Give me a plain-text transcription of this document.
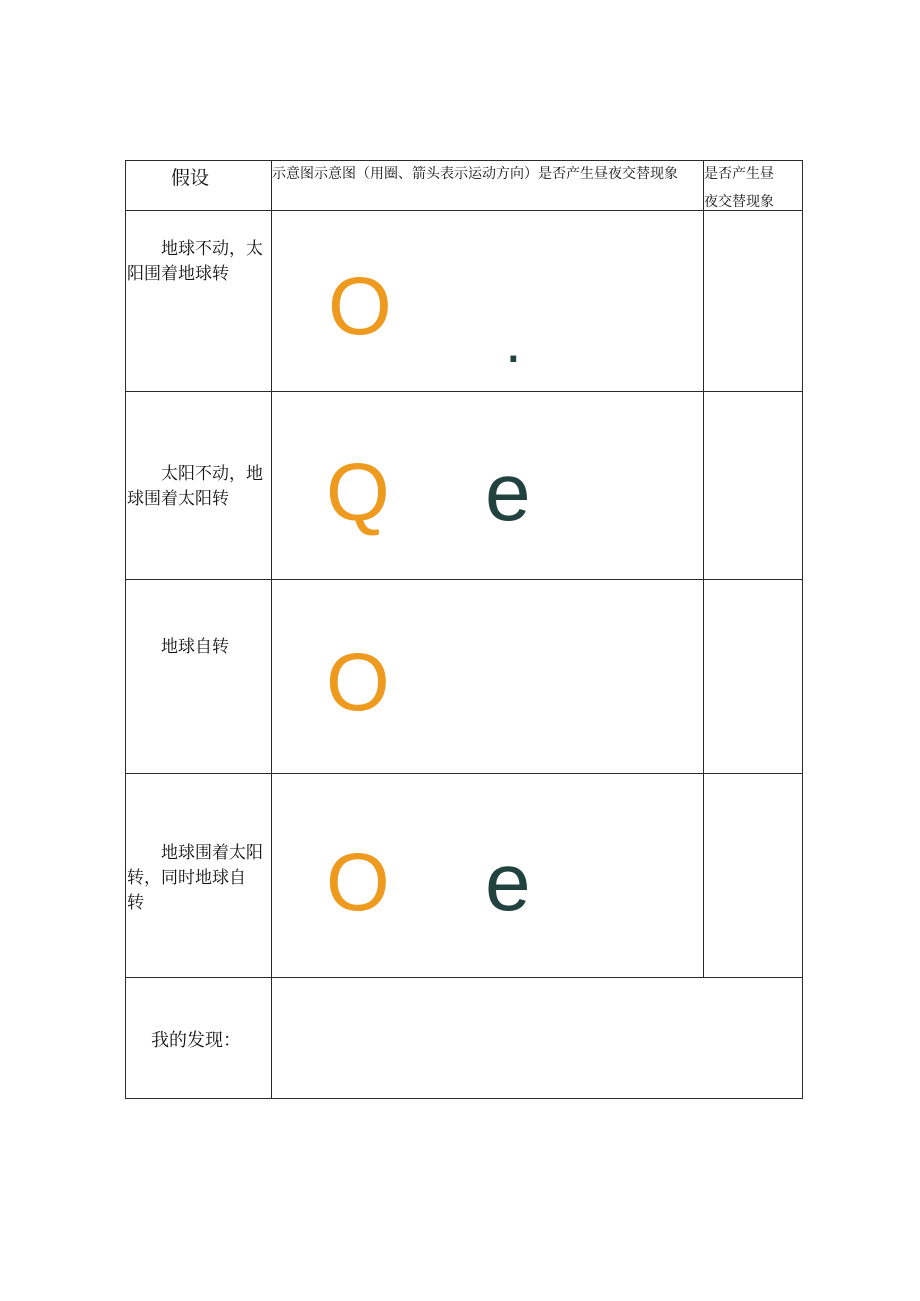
假设	示意图示意图（用圈、箭头表示运动方向）是否产生昼夜交替现象	是否产生昼
夜交替现象
　　地球不动，太
阳围着地球转	O .
　　太阳不动，地
球围着太阳转	Q e
　　地球自转	O
　　地球围着太阳
转，同时地球自
转	O e
我的发现：
